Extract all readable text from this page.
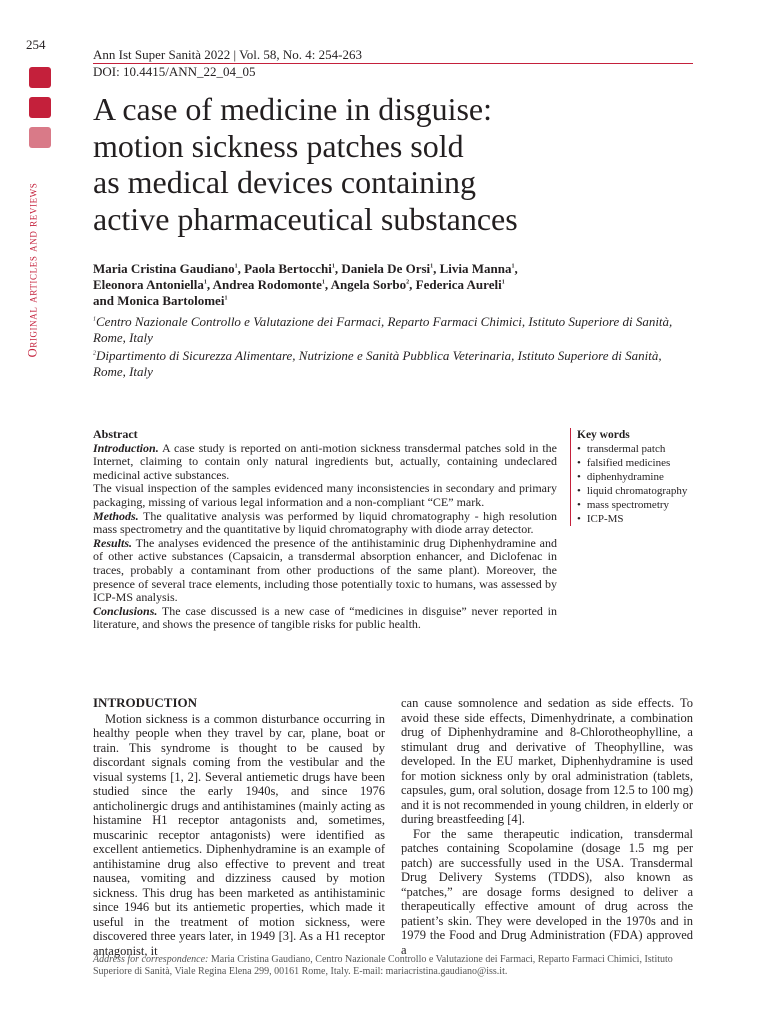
254
Original articles and reviews
Ann Ist Super Sanità 2022 | Vol. 58, No. 4: 254-263
DOI: 10.4415/ANN_22_04_05
A case of medicine in disguise:
motion sickness patches sold
as medical devices containing
active pharmaceutical substances
Maria Cristina Gaudiano$^1$, Paola Bertocchi$^1$, Daniela De Orsi$^1$, Livia Manna$^1$,
Eleonora Antoniella$^1$, Andrea Rodomonte$^1$, Angela Sorbo$^2$, Federica Aureli$^1$
and Monica Bartolomei$^1$

$^1$Centro Nazionale Controllo e Valutazione dei Farmaci, Reparto Farmaci Chimici, Istituto Superiore di Sanità, Rome, Italy

$^2$Dipartimento di Sicurezza Alimentare, Nutrizione e Sanità Pubblica Veterinaria, Istituto Superiore di Sanità, Rome, Italy

Abstract

Introduction. A case study is reported on anti-motion sickness transdermal patches sold in the Internet, claiming to contain only natural ingredients but, actually, containing undeclared medicinal active substances.

The visual inspection of the samples evidenced many inconsistencies in secondary and primary packaging, missing of various legal information and a non-compliant “CE” mark.

Methods. The qualitative analysis was performed by liquid chromatography - high resolution mass spectrometry and the quantitative by liquid chromatography with diode array detector.

Results. The analyses evidenced the presence of the antihistaminic drug Diphenhydramine and of other active substances (Capsaicin, a transdermal absorption enhancer, and Diclofenac in traces, probably a contaminant from other productions of the same plant). Moreover, the presence of several trace elements, including those potentially toxic to humans, was assessed by ICP-MS analysis.

Conclusions. The case discussed is a new case of “medicines in disguise” never reported in literature, and shows the presence of tangible risks for public health.

Key words
• transdermal patch
• falsified medicines
• diphenhydramine
• liquid chromatography
• mass spectrometry
• ICP-MS
INTRODUCTION

Motion sickness is a common disturbance occurring in healthy people when they travel by car, plane, boat or train. This syndrome is thought to be caused by discordant signals coming from the vestibular and the visual systems [1, 2]. Several antiemetic drugs have been studied since the early 1940s, and since 1976 anticholinergic drugs and antihistamines (mainly acting as histamine H1 receptor antagonists and, sometimes, muscarinic receptor antagonists) were identified as excellent antiemetics. Diphenhydramine is an example of antihistamine drug also effective to prevent and treat nausea, vomiting and dizziness caused by motion sickness. This drug has been marketed as antihistaminic since 1946 but its antiemetic properties, which made it useful in the treatment of motion sickness, were discovered three years later, in 1949 [3]. As a H1 receptor antagonist, it

can cause somnolence and sedation as side effects. To avoid these side effects, Dimenhydrinate, a combination drug of Diphenhydramine and 8-Chlorotheophylline, a stimulant drug and derivative of Theophylline, was developed. In the EU market, Diphenhydramine is used for motion sickness only by oral administration (tablets, capsules, gum, oral solution, dosage from 12.5 to 100 mg) and it is not recommended in young children, in elderly or during breastfeeding [4].

For the same therapeutic indication, transdermal patches containing Scopolamine (dosage 1.5 mg per patch) are successfully used in the USA. Transdermal Drug Delivery Systems (TDDS), also known as “patches,” are dosage forms designed to deliver a therapeutically effective amount of drug across the patient’s skin. They were developed in the 1970s and in 1979 the Food and Drug Administration (FDA) approved a

Address for correspondence: Maria Cristina Gaudiano, Centro Nazionale Controllo e Valutazione dei Farmaci, Reparto Farmaci Chimici, Istituto Superiore di Sanità, Viale Regina Elena 299, 00161 Rome, Italy. E-mail: mariacristina.gaudiano@iss.it.
